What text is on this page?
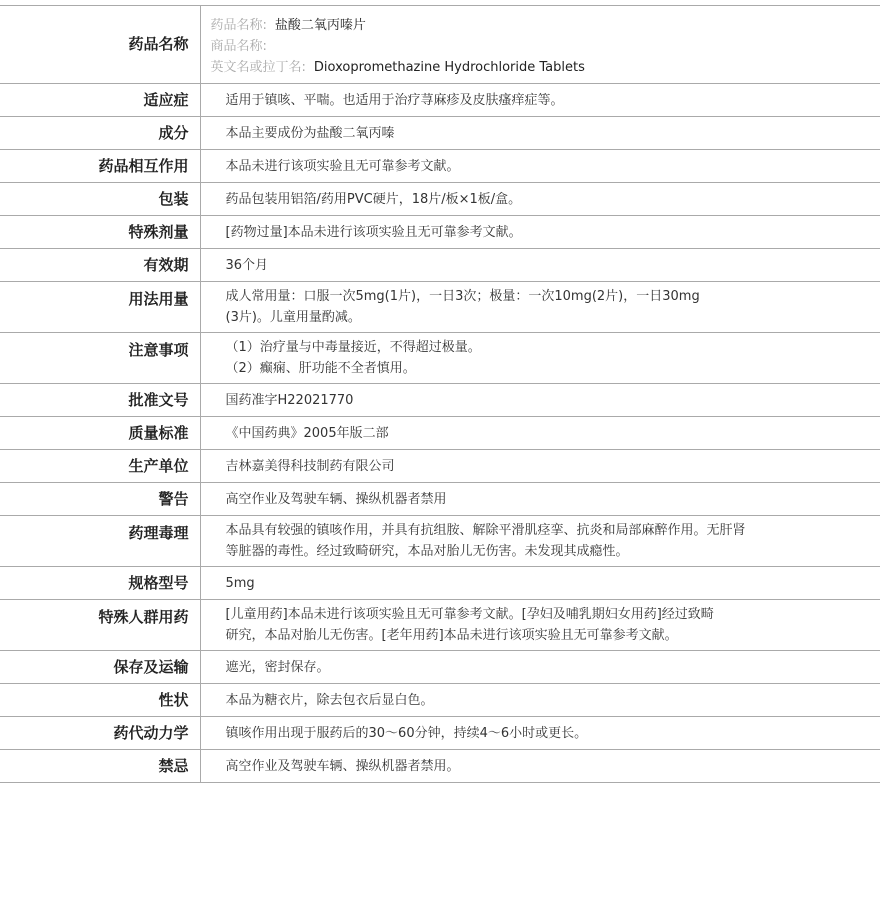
药品名称	药品名称: 盐酸二氧丙嗪片
商品名称:
英文名或拉丁名: Dioxopromethazine Hydrochloride Tablets

适应症	适用于镇咳、平喘。也适用于治疗荨麻疹及皮肤瘙痒症等。

成分	本品主要成份为盐酸二氧丙嗪

药品相互作用	本品未进行该项实验且无可靠参考文献。

包装	药品包装用铝箔/药用PVC硬片，18片/板×1板/盒。

特殊剂量	[药物过量]本品未进行该项实验且无可靠参考文献。

有效期	36个月

用法用量	成人常用量：口服一次5mg(1片)，一日3次；极量：一次10mg(2片)，一日30mg
(3片)。儿童用量酌减。

注意事项	（1）治疗量与中毒量接近，不得超过极量。
（2）癫痫、肝功能不全者慎用。

批准文号	国药准字H22021770

质量标准	《中国药典》2005年版二部

生产单位	吉林嘉美得科技制药有限公司

警告	高空作业及驾驶车辆、操纵机器者禁用

药理毒理	本品具有较强的镇咳作用，并具有抗组胺、解除平滑肌痉挛、抗炎和局部麻醉作用。无肝肾
等脏器的毒性。经过致畸研究，本品对胎儿无伤害。未发现其成瘾性。

规格型号	5mg

特殊人群用药	[儿童用药]本品未进行该项实验且无可靠参考文献。[孕妇及哺乳期妇女用药]经过致畸
研究，本品对胎儿无伤害。[老年用药]本品未进行该项实验且无可靠参考文献。

保存及运输	遮光，密封保存。

性状	本品为糖衣片，除去包衣后显白色。

药代动力学	镇咳作用出现于服药后的30～60分钟，持续4～6小时或更长。

禁忌	高空作业及驾驶车辆、操纵机器者禁用。
